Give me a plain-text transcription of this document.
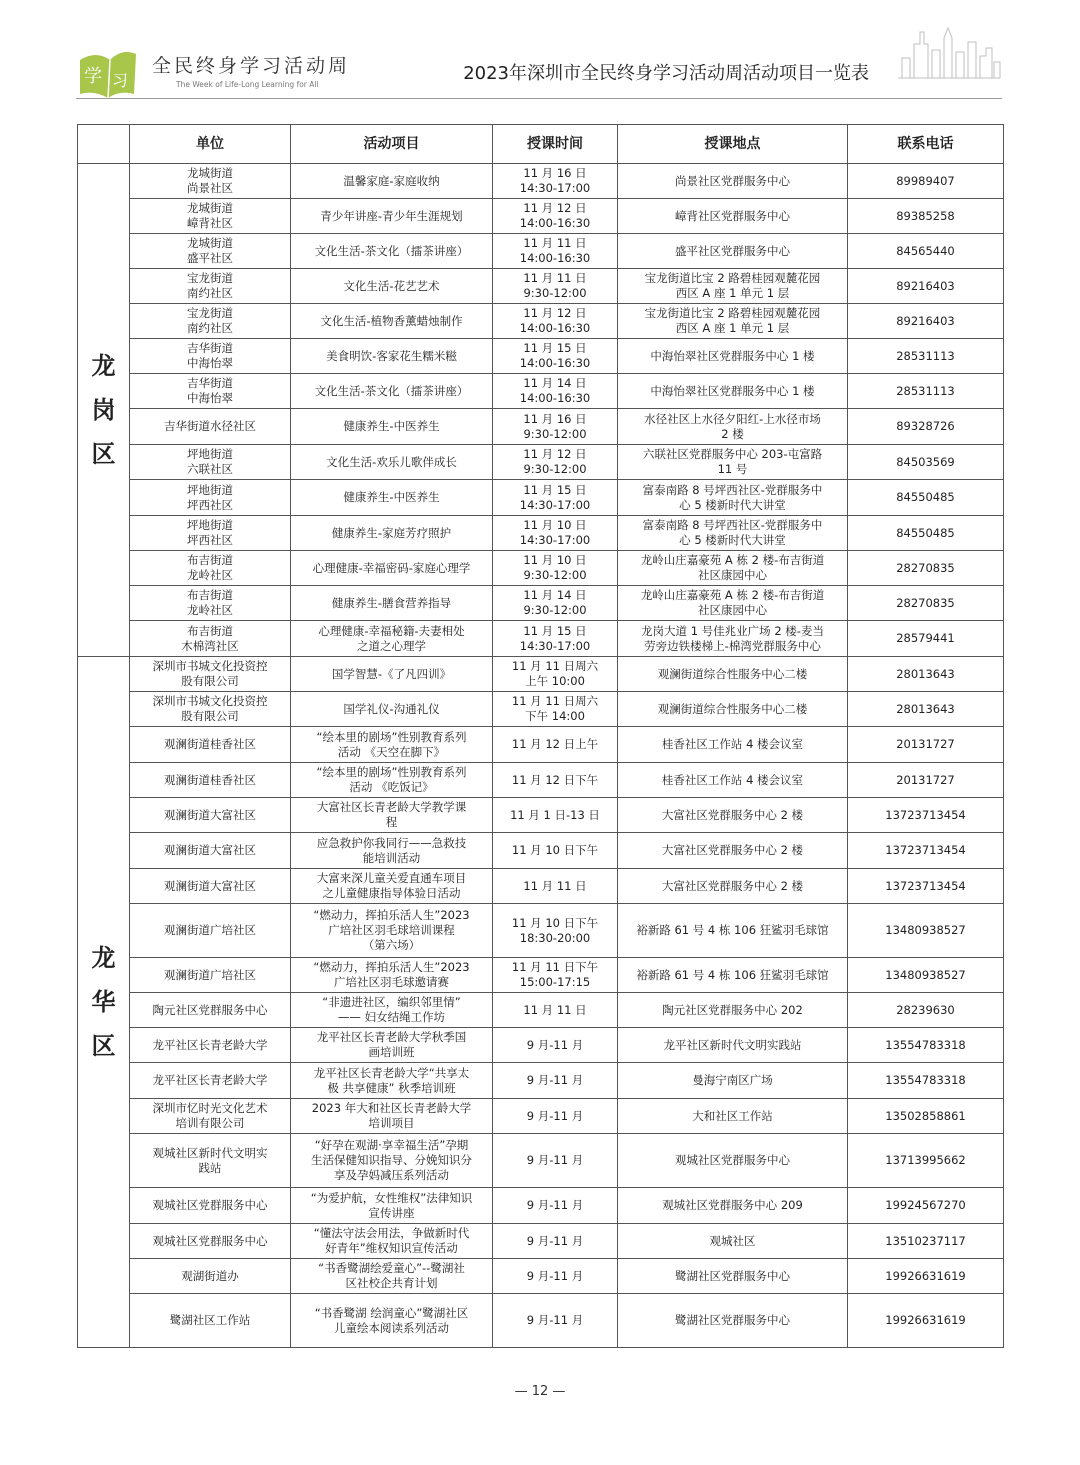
学 习
全民终身学习活动周
The Week of Life-Long Learning for All
2023年深圳市全民终身学习活动周活动项目一览表
	单位	活动项目	授课时间	授课地点	联系电话

龙
岗
区	龙城街道
尚景社区	温馨家庭-家庭收纳	11 月 16 日
14:30-17:00	尚景社区党群服务中心	89989407
	龙城街道
嶂背社区	青少年讲座-青少年生涯规划	11 月 12 日
14:00-16:30	嶂背社区党群服务中心	89385258
	龙城街道
盛平社区	文化生活-茶文化（擂茶讲座）	11 月 11 日
14:00-16:30	盛平社区党群服务中心	84565440
	宝龙街道
南约社区	文化生活-花艺艺术	11 月 11 日
9:30-12:00	宝龙街道比宝 2 路碧桂园观麓花园
西区 A 座 1 单元 1 层	89216403
	宝龙街道
南约社区	文化生活-植物香薰蜡烛制作	11 月 12 日
14:00-16:30	宝龙街道比宝 2 路碧桂园观麓花园
西区 A 座 1 单元 1 层	89216403
	吉华街道
中海怡翠	美食明饮-客家花生糯米糍	11 月 15 日
14:00-16:30	中海怡翠社区党群服务中心 1 楼	28531113
	吉华街道
中海怡翠	文化生活-茶文化（擂茶讲座）	11 月 14 日
14:00-16:30	中海怡翠社区党群服务中心 1 楼	28531113
	吉华街道水径社区	健康养生-中医养生	11 月 16 日
9:30-12:00	水径社区上水径夕阳红-上水径市场
2 楼	89328726
	坪地街道
六联社区	文化生活-欢乐儿歌伴成长	11 月 12 日
9:30-12:00	六联社区党群服务中心 203-屯富路
11 号	84503569
	坪地街道
坪西社区	健康养生-中医养生	11 月 15 日
14:30-17:00	富泰南路 8 号坪西社区-党群服务中
心 5 楼新时代大讲堂	84550485
	坪地街道
坪西社区	健康养生-家庭芳疗照护	11 月 10 日
14:30-17:00	富泰南路 8 号坪西社区-党群服务中
心 5 楼新时代大讲堂	84550485
	布吉街道
龙岭社区	心理健康-幸福密码-家庭心理学	11 月 10 日
9:30-12:00	龙岭山庄嘉豪苑 A 栋 2 楼-布吉街道
社区康园中心	28270835
	布吉街道
龙岭社区	健康养生-膳食营养指导	11 月 14 日
9:30-12:00	龙岭山庄嘉豪苑 A 栋 2 楼-布吉街道
社区康园中心	28270835
	布吉街道
木棉湾社区	心理健康-幸福秘籍-夫妻相处
之道之心理学	11 月 15 日
14:30-17:00	龙岗大道 1 号佳兆业广场 2 楼-麦当
劳旁边铁楼梯上-棉湾党群服务中心	28579441

龙
华
区	深圳市书城文化投资控
股有限公司	国学智慧-《了凡四训》	11 月 11 日周六
上午 10:00	观澜街道综合性服务中心二楼	28013643
	深圳市书城文化投资控
股有限公司	国学礼仪-沟通礼仪	11 月 11 日周六
下午 14:00	观澜街道综合性服务中心二楼	28013643
	观澜街道桂香社区	“绘本里的剧场”性别教育系列
活动 《天空在脚下》	11 月 12 日上午	桂香社区工作站 4 楼会议室	20131727
	观澜街道桂香社区	“绘本里的剧场”性别教育系列
活动 《吃饭记》	11 月 12 日下午	桂香社区工作站 4 楼会议室	20131727
	观澜街道大富社区	大富社区长青老龄大学教学课
程	11 月 1 日-13 日	大富社区党群服务中心 2 楼	13723713454
	观澜街道大富社区	应急救护你我同行——急救技
能培训活动	11 月 10 日下午	大富社区党群服务中心 2 楼	13723713454
	观澜街道大富社区	大富来深儿童关爱直通车项目
之儿童健康指导体验日活动	11 月 11 日	大富社区党群服务中心 2 楼	13723713454
	观澜街道广培社区	“燃动力，挥拍乐活人生”2023
广培社区羽毛球培训课程
（第六场）	11 月 10 日下午
18:30-20:00	裕新路 61 号 4 栋 106 狂鲨羽毛球馆	13480938527
	观澜街道广培社区	“燃动力，挥拍乐活人生”2023
广培社区羽毛球邀请赛	11 月 11 日下午
15:00-17:15	裕新路 61 号 4 栋 106 狂鲨羽毛球馆	13480938527
	陶元社区党群服务中心	“非遗进社区，编织邻里情”
—— 妇女结绳工作坊	11 月 11 日	陶元社区党群服务中心 202	28239630
	龙平社区长青老龄大学	龙平社区长青老龄大学秋季国
画培训班	9 月-11 月	龙平社区新时代文明实践站	13554783318
	龙平社区长青老龄大学	龙平社区长青老龄大学“共享太
极 共享健康” 秋季培训班	9 月-11 月	曼海宁南区广场	13554783318
	深圳市忆时光文化艺术
培训有限公司	2023 年大和社区长青老龄大学
培训项目	9 月-11 月	大和社区工作站	13502858861
	观城社区新时代文明实
践站	“好孕在观湖·享幸福生活”孕期
生活保健知识指导、分娩知识分
享及孕妈减压系列活动	9 月-11 月	观城社区党群服务中心	13713995662
	观城社区党群服务中心	“为爱护航，女性维权”法律知识
宣传讲座	9 月-11 月	观城社区党群服务中心 209	19924567270
	观城社区党群服务中心	“懂法守法会用法，争做新时代
好青年”维权知识宣传活动	9 月-11 月	观城社区	13510237117
	观湖街道办	“书香鹭湖绘爱童心”--鹭湖社
区社校企共育计划	9 月-11 月	鹭湖社区党群服务中心	19926631619
	鹭湖社区工作站	“书香鹭湖 绘润童心”鹭湖社区
儿童绘本阅读系列活动	9 月-11 月	鹭湖社区党群服务中心	19926631619
— 12 —
